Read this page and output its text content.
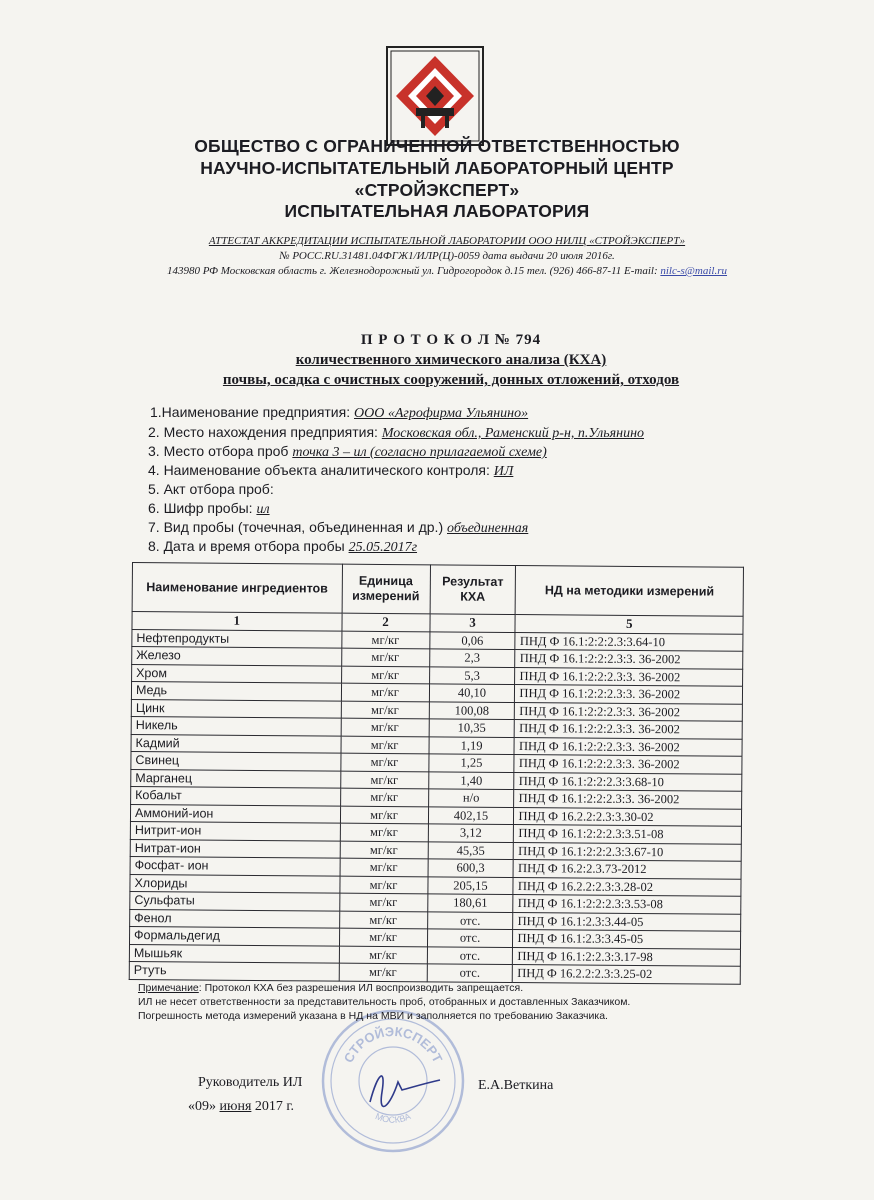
ОБЩЕСТВО С ОГРАНИЧЕННОЙ ОТВЕТСТВЕННОСТЬЮ
НАУЧНО-ИСПЫТАТЕЛЬНЫЙ ЛАБОРАТОРНЫЙ ЦЕНТР
«СТРОЙЭКСПЕРТ»
ИСПЫТАТЕЛЬНАЯ ЛАБОРАТОРИЯ
АТТЕСТАТ АККРЕДИТАЦИИ ИСПЫТАТЕЛЬНОЙ ЛАБОРАТОРИИ ООО НИЛЦ «СТРОЙЭКСПЕРТ»
№ РОСС.RU.31481.04ФГЖ1/ИЛР(Ц)-0059 дата выдачи 20 июля 2016г.
143980 РФ Московская область г. Железнодорожный ул. Гидрогородок д.15 тел. (926) 466-87-11 E-mail: nilc-s@mail.ru
П Р О Т О К О Л № 794
количественного химического анализа (КХА)
почвы, осадка с очистных сооружений, донных отложений, отходов
1.Наименование предприятия: ООО «Агрофирма Ульянино»
2. Место нахождения предприятия: Московская обл., Раменский р-н, п.Ульянино
3. Место отбора проб точка 3 – ил (согласно прилагаемой схеме)
4. Наименование объекта аналитического контроля: ИЛ
5. Акт отбора проб:
6. Шифр пробы: ил
7. Вид пробы (точечная, объединенная и др.) объединенная
8. Дата и время отбора пробы 25.05.2017г
Наименование ингредиентов	Единица измерений	Результат КХА	НД на методики измерений
1	2	3	5
Нефтепродукты	мг/кг	0,06	ПНД Ф 16.1:2:2:2.3:3.64-10
Железо	мг/кг	2,3	ПНД Ф 16.1:2:2:2.3:3. 36-2002
Хром	мг/кг	5,3	ПНД Ф 16.1:2:2:2.3:3. 36-2002
Медь	мг/кг	40,10	ПНД Ф 16.1:2:2:2.3:3. 36-2002
Цинк	мг/кг	100,08	ПНД Ф 16.1:2:2:2.3:3. 36-2002
Никель	мг/кг	10,35	ПНД Ф 16.1:2:2:2.3:3. 36-2002
Кадмий	мг/кг	1,19	ПНД Ф 16.1:2:2:2.3:3. 36-2002
Свинец	мг/кг	1,25	ПНД Ф 16.1:2:2:2.3:3. 36-2002
Марганец	мг/кг	1,40	ПНД Ф 16.1:2:2:2.3:3.68-10
Кобальт	мг/кг	н/о	ПНД Ф 16.1:2:2:2.3:3. 36-2002
Аммоний-ион	мг/кг	402,15	ПНД Ф 16.2.2:2.3:3.30-02
Нитрит-ион	мг/кг	3,12	ПНД Ф 16.1:2:2:2.3:3.51-08
Нитрат-ион	мг/кг	45,35	ПНД Ф 16.1:2:2:2.3:3.67-10
Фосфат- ион	мг/кг	600,3	ПНД Ф 16.2:2.3.73-2012
Хлориды	мг/кг	205,15	ПНД Ф 16.2.2:2.3:3.28-02
Сульфаты	мг/кг	180,61	ПНД Ф 16.1:2:2:2.3:3.53-08
Фенол	мг/кг	отс.	ПНД Ф 16.1:2.3:3.44-05
Формальдегид	мг/кг	отс.	ПНД Ф 16.1:2.3:3.45-05
Мышьяк	мг/кг	отс.	ПНД Ф 16.1:2:2.3:3.17-98
Ртуть	мг/кг	отс.	ПНД Ф 16.2.2:2.3:3.25-02
СТРОЙЭКСПЕРТ
МОСКВА
Примечание: Протокол КХА без разрешения ИЛ воспроизводить запрещается.
ИЛ не несет ответственности за представительность проб, отобранных и доставленных Заказчиком.
Погрешность метода измерений указана в НД на МВИ и заполняется по требованию Заказчика.
Руководитель ИЛ	Е.А.Веткина
«09» июня 2017 г.
